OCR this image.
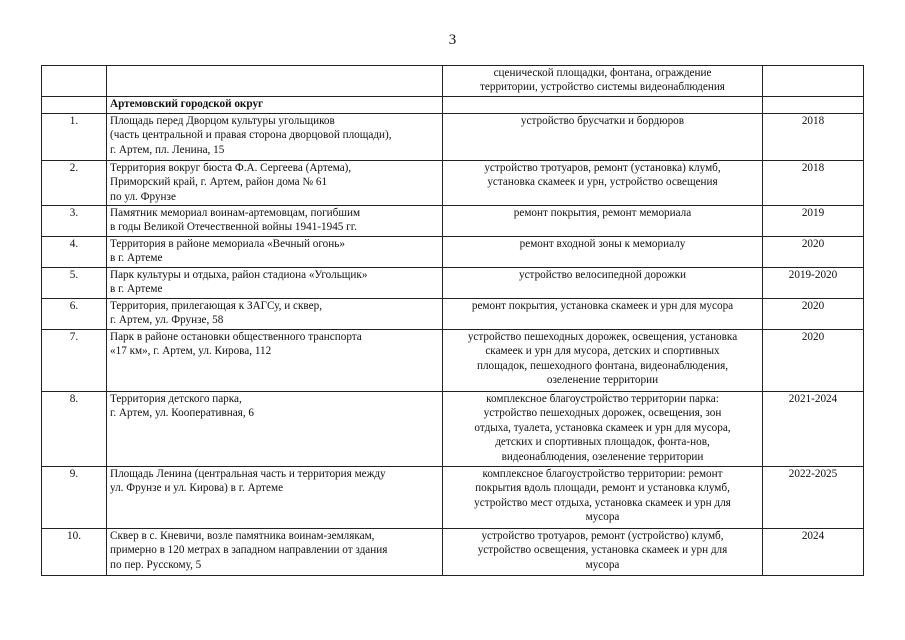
3

		сценической площадки, фонтана, ограждение
территории, устройство системы видеонаблюдения	

	Артемовский городской округ		
1.	Площадь перед Дворцом культуры угольщиков
(часть центральной и правая сторона дворцовой площади),
г. Артем, пл. Ленина, 15	устройство брусчатки и бордюров	2018
2.	Территория вокруг бюста Ф.А. Сергеева (Артема),
Приморский край, г. Артем, район дома № 61
по ул. Фрунзе	устройство тротуаров, ремонт (установка) клумб,
установка скамеек и урн, устройство освещения	2018
3.	Памятник мемориал воинам-артемовцам, погибшим
в годы Великой Отечественной войны 1941-1945 гг.	ремонт покрытия, ремонт мемориала	2019
4.	Территория в районе мемориала «Вечный огонь»
в г. Артеме	ремонт входной зоны к мемориалу	2020
5.	Парк культуры и отдыха, район стадиона «Угольщик»
в г. Артеме	устройство велосипедной дорожки	2019-2020
6.	Территория, прилегающая к ЗАГСу, и сквер,
г. Артем, ул. Фрунзе, 58	ремонт покрытия, установка скамеек и урн для мусора	2020
7.	Парк в районе остановки общественного транспорта
«17 км», г. Артем, ул. Кирова, 112	устройство пешеходных дорожек, освещения, установка
скамеек и урн для мусора, детских и спортивных
площадок, пешеходного фонтана, видеонаблюдения,
озеленение территории	2020
8.	Территория детского парка,
г. Артем, ул. Кооперативная, 6	комплексное благоустройство территории парка:
устройство пешеходных дорожек, освещения, зон
отдыха, туалета, установка скамеек и урн для мусора,
детских и спортивных площадок, фонта-нов,
видеонаблюдения, озеленение территории	2021-2024
9.	Площадь Ленина (центральная часть и территория между
ул. Фрунзе и ул. Кирова) в г. Артеме	комплексное благоустройство территории: ремонт
покрытия вдоль площади, ремонт и установка клумб,
устройство мест отдыха, установка скамеек и урн для
мусора	2022-2025
10.	Сквер в с. Кневичи, возле памятника воинам-землякам,
примерно в 120 метрах в западном направлении от здания
по пер. Русскому, 5	устройство тротуаров, ремонт (устройство) клумб,
устройство освещения, установка скамеек и урн для
мусора	2024
